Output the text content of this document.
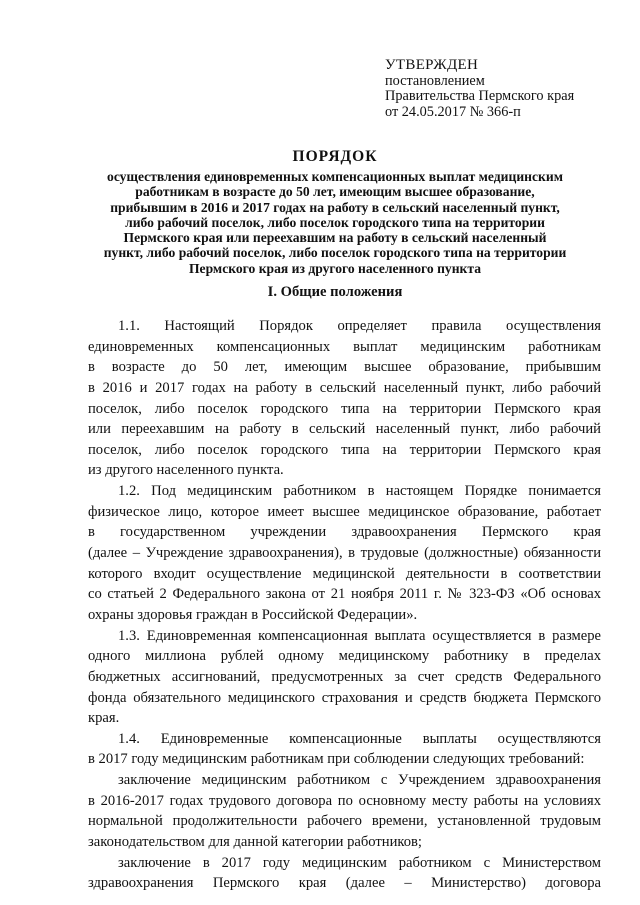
УТВЕРЖДЕН
постановлением
Правительства Пермского края
от 24.05.2017 № 366-п
ПОРЯДОК
осуществления единовременных компенсационных выплат медицинским
работникам в возрасте до 50 лет, имеющим высшее образование,
прибывшим в 2016 и 2017 годах на работу в сельский населенный пункт,
либо рабочий поселок, либо поселок городского типа на территории
Пермского края или переехавшим на работу в сельский населенный
пункт, либо рабочий поселок, либо поселок городского типа на территории
Пермского края из другого населенного пункта
I. Общие положения
1.1. Настоящий Порядок определяет правила осуществления
единовременных компенсационных выплат медицинским работникам
в возрасте до 50 лет, имеющим высшее образование, прибывшим
в 2016 и 2017 годах на работу в сельский населенный пункт, либо рабочий
поселок, либо поселок городского типа на территории Пермского края
или переехавшим на работу в сельский населенный пункт, либо рабочий
поселок, либо поселок городского типа на территории Пермского края
из другого населенного пункта.
1.2. Под медицинским работником в настоящем Порядке понимается
физическое лицо, которое имеет высшее медицинское образование, работает
в государственном учреждении здравоохранения Пермского края
(далее – Учреждение здравоохранения), в трудовые (должностные) обязанности
которого входит осуществление медицинской деятельности в соответствии
со статьей 2 Федерального закона от 21 ноября 2011 г. № 323-ФЗ «Об основах
охраны здоровья граждан в Российской Федерации».
1.3. Единовременная компенсационная выплата осуществляется в размере
одного миллиона рублей одному медицинскому работнику в пределах
бюджетных ассигнований, предусмотренных за счет средств Федерального
фонда обязательного медицинского страхования и средств бюджета Пермского
края.
1.4. Единовременные компенсационные выплаты осуществляются
в 2017 году медицинским работникам при соблюдении следующих требований:
заключение медицинским работником с Учреждением здравоохранения
в 2016-2017 годах трудового договора по основному месту работы на условиях
нормальной продолжительности рабочего времени, установленной трудовым
законодательством для данной категории работников;
заключение в 2017 году медицинским работником с Министерством
здравоохранения Пермского края (далее – Министерство) договора
